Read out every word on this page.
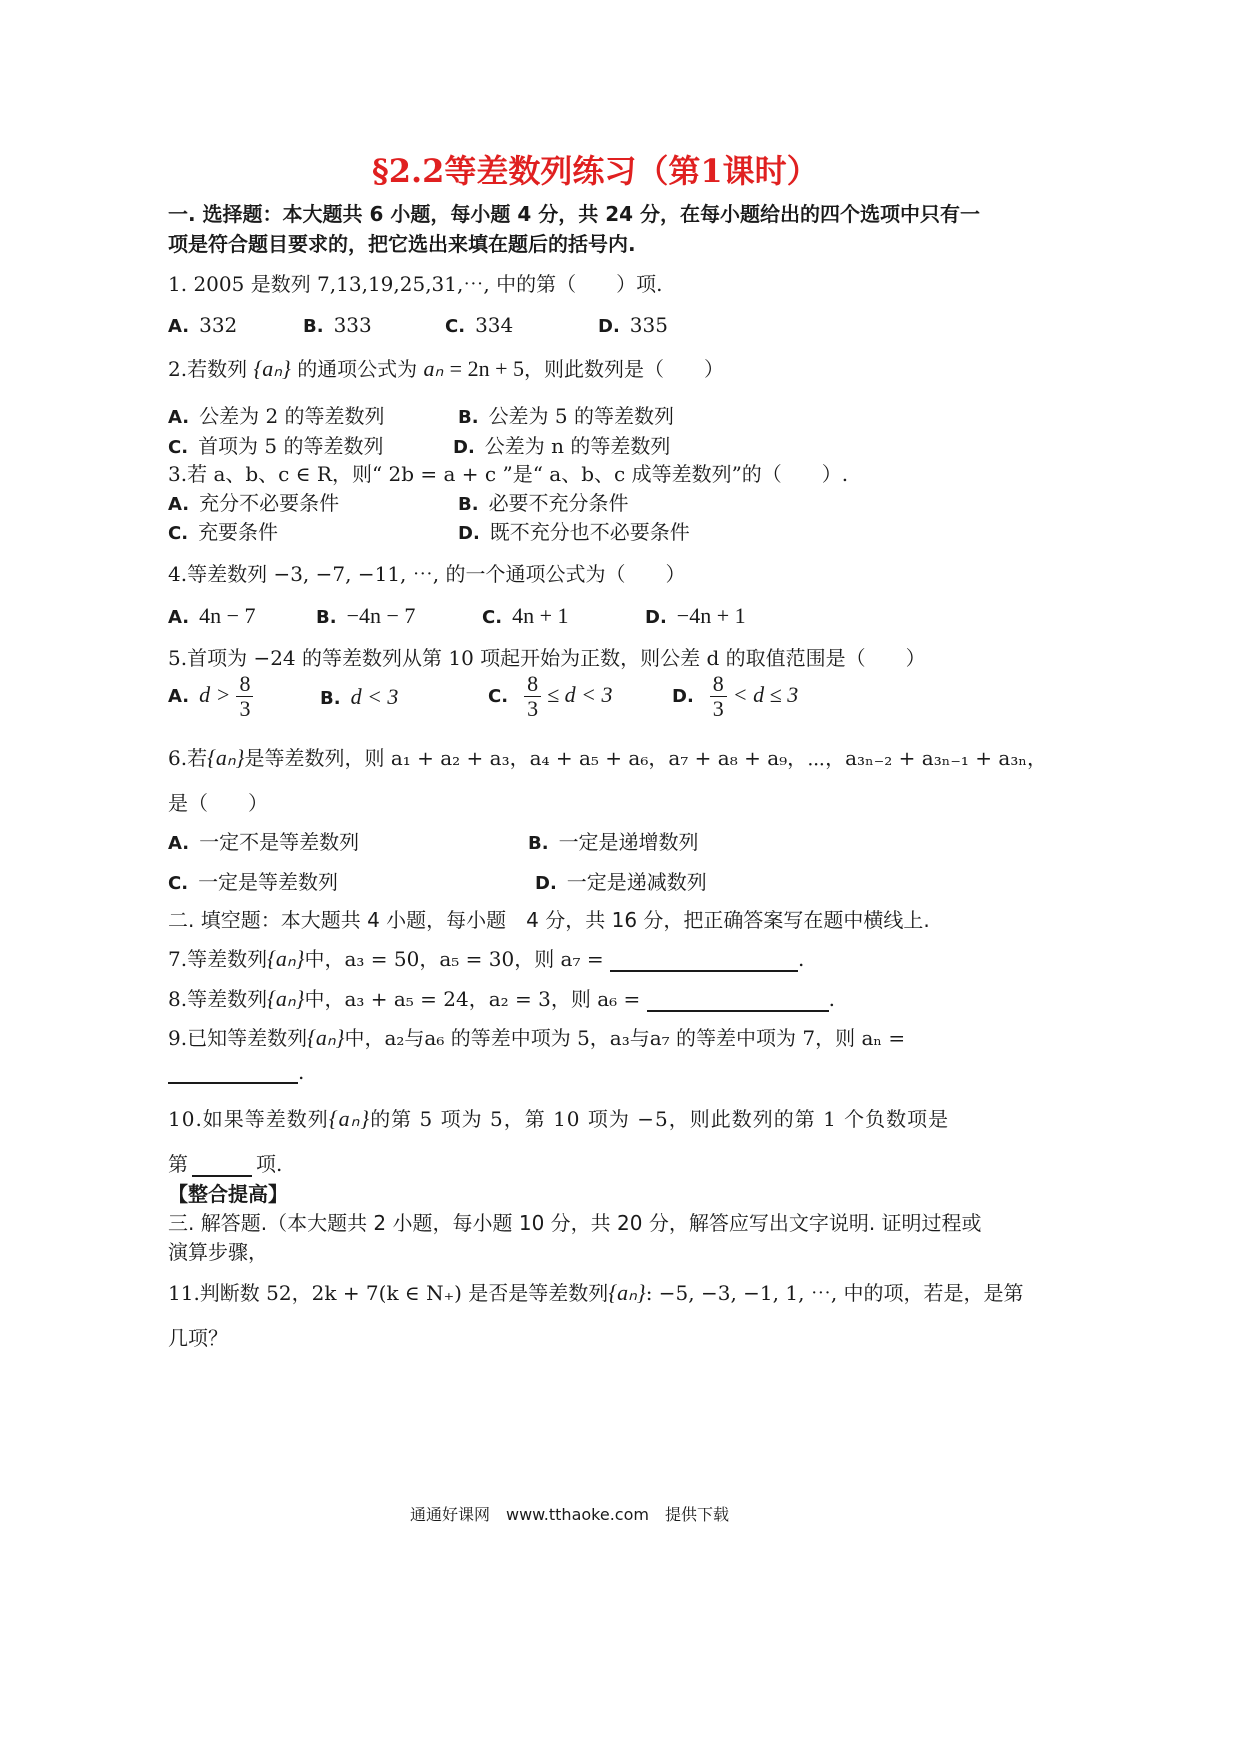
§2.2等差数列练习（第1课时）
一. 选择题：本大题共 6 小题，每小题 4 分，共 24 分，在每小题给出的四个选项中只有一
项是符合题目要求的，把它选出来填在题后的括号内.
1. 2005 是数列 7,13,19,25,31,⋯, 中的第（　　）项.
A. 332	B. 333	C. 334	D. 335
2.若数列 {aₙ} 的通项公式为 aₙ = 2n + 5，则此数列是（　　）
A. 公差为 2 的等差数列	B. 公差为 5 的等差数列
C. 首项为 5 的等差数列	D. 公差为 n 的等差数列
3.若 a、b、c ∈ R，则“ 2b = a + c ”是“ a、b、c 成等差数列”的（　　）.
A. 充分不必要条件	B. 必要不充分条件
C. 充要条件	D. 既不充分也不必要条件
4.等差数列 −3, −7, −11, ⋯, 的一个通项公式为（　　）
A. 4n − 7	B. −4n − 7	C. 4n + 1	D. −4n + 1
5.首项为 −24 的等差数列从第 10 项起开始为正数，则公差 d 的取值范围是（　　）
A. $d > \frac{8}{3}$	B. d < 3	C. $\frac{8}{3} \le d < 3$	D. $\frac{8}{3} < d \le 3$
6.若{aₙ}是等差数列，则 a₁ + a₂ + a₃，a₄ + a₅ + a₆，a₇ + a₈ + a₉，⋯，a₃ₙ₋₂ + a₃ₙ₋₁ + a₃ₙ，
是（　　）
A. 一定不是等差数列	B. 一定是递增数列
C. 一定是等差数列	D. 一定是递减数列
二. 填空题：本大题共 4 小题，每小题　4 分，共 16 分，把正确答案写在题中横线上.
7.等差数列{aₙ}中，a₃ = 50，a₅ = 30，则 a₇ =	.
8.等差数列{aₙ}中，a₃ + a₅ = 24，a₂ = 3，则 a₆ =	.
9.已知等差数列{aₙ}中，a₂与a₆ 的等差中项为 5，a₃与a₇ 的等差中项为 7，则 aₙ =
.
10.如果等差数列{aₙ}的第 5 项为 5，第 10 项为 −5，则此数列的第 1 个负数项是
第	项.
【整合提高】
三. 解答题.（本大题共 2 小题，每小题 10 分，共 20 分，解答应写出文字说明. 证明过程或
演算步骤，
11.判断数 52，2k + 7(k ∈ N₊) 是否是等差数列{aₙ}: −5, −3, −1, 1, ⋯, 中的项，若是，是第
几项？
通通好课网　www.tthaoke.com　提供下载
